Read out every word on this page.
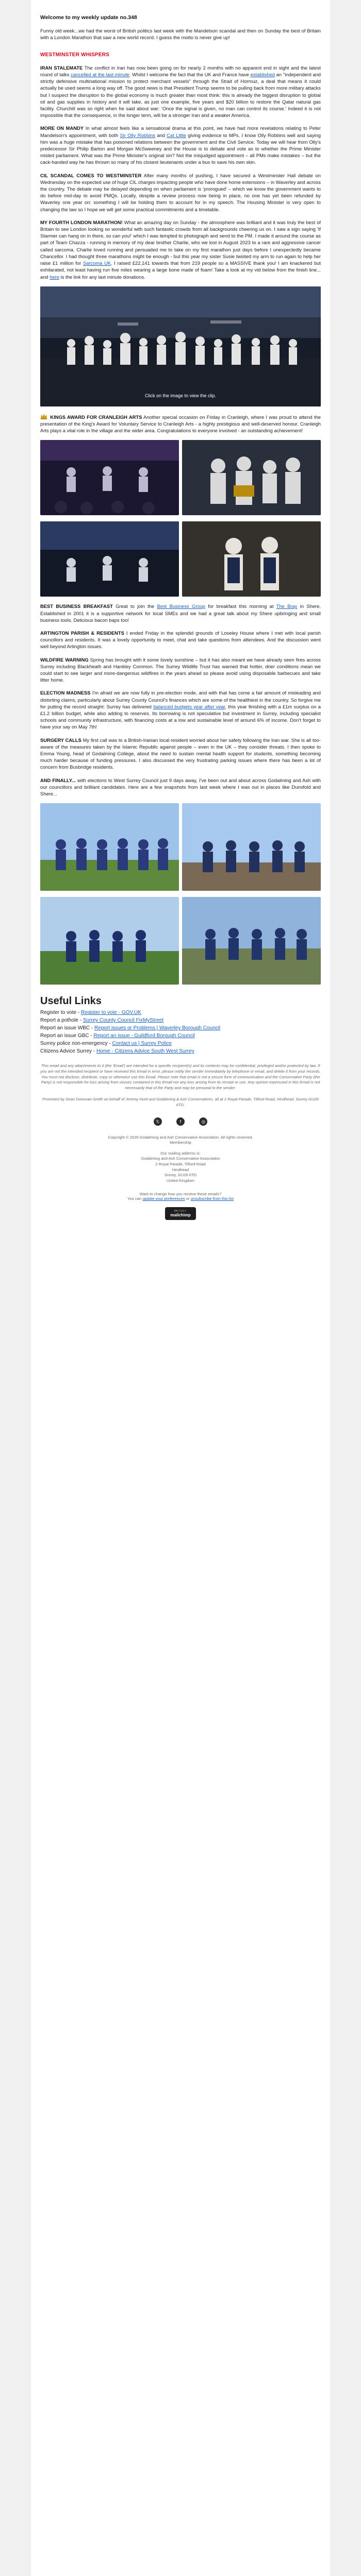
Welcome to my weekly update no.348

Funny old week...we had the worst of British politics last week with the Mandelson scandal and then on Sunday the best of Britain with a London Marathon that saw a new world record. I guess the motto is never give up!

WESTMINSTER WHISPERS

IRAN STALEMATE The conflict in Iran has now been going on for nearly 2 months with no apparent end in sight and the latest round of talks cancelled at the last minute. Whilst I welcome the fact that the UK and France have established an "independent and strictly defensive multinational mission to protect merchant vessels" through the Strait of Hormuz, a deal that means it could actually be used seems a long way off. The good news is that President Trump seems to be pulling back from more military attacks but I suspect the disruption to the global economy is much greater than most think: this is already the biggest disruption to global oil and gas supplies in history and it will take, as just one example, five years and $20 billion to restore the Qatar natural gas facility. Churchill was so right when he said about war: 'Once the signal is given, no man can control its course.' Indeed it is not impossible that the consequence, in the longer term, will be a stronger Iran and a weaker America.

MORE ON MANDY In what almost feels like a sensational drama at this point, we have had more revelations relating to Peter Mandelson's appointment, with both Sir Olly Robbins and Cat Little giving evidence to MPs. I know Olly Robbins well and saying him was a huge mistake that has poisoned relations between the government and the Civil Service. Today we will hear from Olly's predecessor Sir Philip Barton and Morgan McSweeney and the House is to debate and vote as to whether the Prime Minister misled parliament. What was the Prime Minister's original sin? Not the misjudged appointment – all PMs make mistakes – but the cack-handed way he has thrown so many of his closest lieutenants under a bus to save his own skin.

CIL SCANDAL COMES TO WESTMINSTER After many months of pushing, I have secured a Westminster Hall debate on Wednesday on the expected use of huge CIL charges impacting people who have done home extensions – in Waverley and across the country. The debate may be delayed depending on when parliament is 'prorogued' – which we know the government wants to do before mid-day to avoid PMQs. Locally, despite a review process now being in place, no one has yet been refunded by Waverley one year on: something I will be holding them to account for in my speech. The Housing Minister is very open to changing the law so I hope we will get some practical commitments and a timetable.

MY FOURTH LONDON MARATHON! What an amazing day on Sunday - the atmosphere was brilliant and it was truly the best of Britain to see London looking so wonderful with such fantastic crowds from all backgrounds cheering us on. I saw a sign saying 'If Starmer can hang on in there, so can you!' which I was tempted to photograph and send to the PM. I made it around the course as part of Team Chazza - running in memory of my dear brother Charlie, who we lost in August 2023 to a rare and aggressive cancer called sarcoma. Charlie loved running and persuaded me to take on my first marathon just days before I unexpectedly became Chancellor. I had thought three marathons might be enough - but this year my sister Susie twisted my arm to run again to help her raise £1 million for Sarcoma UK. I raised £22,141 towards that from 219 people so a MASSIVE thank you! I am knackered but exhilarated, not least having run five miles wearing a large bone made of foam! Take a look at my vid below from the finish line... and here is the link for any last minute donations.

Click on the image to view the clip.

KINGS AWARD FOR CRANLEIGH ARTS Another special occasion on Friday in Cranleigh, where I was proud to attend the presentation of the King's Award for Voluntary Service to Cranleigh Arts - a highly prestigious and well-deserved honour. Cranleigh Arts plays a vital role in the village and the wider area. Congratulations to everyone involved - an outstanding achievement!

BEST BUSINESS BREAKFAST Great to join the Best Business Group for breakfast this morning at The Bray in Shere. Established in 2001 it is a supportive network for local SMEs and we had a great talk about my Shere upbringing and small business tools. Delicious bacon baps too!

ARTINGTON PARISH & RESIDENTS I ended Friday in the splendid grounds of Loseley House where I met with local parish councillors and residents. It was a lovely opportunity to meet, chat and take questions from attendees. And the discussion went well beyond Artington issues.

WILDFIRE WARNING Spring has brought with it some lovely sunshine – but it has also meant we have already seen fires across Surrey including Blackheath and Hankley Common. The Surrey Wildlife Trust has warned that hotter, drier conditions mean we could start to see larger and more-dangerous wildfires in the years ahead so please avoid using disposable barbecues and take litter home.

ELECTION MADNESS I'm afraid we are now fully in pre-election mode, and with that has come a fair amount of misleading and distorting claims, particularly about Surrey County Council's finances which are some of the healthiest in the country. So forgive me for putting the record straight: Surrey has delivered balanced budgets year after year, this year finishing with a £1m surplus on a £1.2 billion budget, while also adding to reserves. Its borrowing is not speculative but investment in Surrey, including specialist schools and community infrastructure, with financing costs at a low and sustainable level of around 6% of income. Don't forget to have your say on May 7th!

SURGERY CALLS My first call was to a British-Iranian local resident worried about her safety following the Iran war. She is all too-aware of the measures taken by the Islamic Republic against people – even in the UK – they consider threats. I then spoke to Emma Young, head of Godalming College, about the need to sustain mental health support for students, something becoming much harder because of funding pressures. I also discussed the very frustrating parking issues where there has been a lot of concern from Busbridge residents.

AND FINALLY... with elections to West Surrey Council just 9 days away, I've been out and about across Godalming and Ash with our councillors and brilliant candidates. Here are a few snapshots from last week where I was out in places like Dunsfold and Shere...

Useful Links
Register to vote - Register to vote - GOV.UK
Report a pothole - Surrey County Council FixMyStreet
Report an issue WBC - Report issues or Problems | Waverley Borough Council
Report an issue GBC - Report an issue - Guildford Borough Council
Surrey police non-emergency - Contact us | Surrey Police
Citizens Advice Surrey - Home - Citizens Advice South West Surrey
This email and any attachments to it (the 'Email') are intended for a specific recipient(s) and its contents may be confidential, privileged and/or protected by law. If you are not the intended recipient or have received this Email in error, please notify the sender immediately by telephone or email, and delete it from your records. You must not disclose, distribute, copy or otherwise use this Email. Please note that email is not a secure form of communication and the Conservative Party (the Party) is not responsible for loss arising from viruses contained in this Email nor any loss arising from its receipt or use. Any opinion expressed in this Email is not necessarily that of the Party and may be personal to the sender.
Promoted by Sean Donovan-Smith on behalf of Jeremy Hunt and Godalming & Ash Conservatives, all at 2 Royal Parade, Tilford Road, Hindhead, Surrey GU26 6TD.
𝕏	f	◎
Copyright © 2026 Godalming and Ash Conservative Association. All rights reserved.
Membership
Our mailing address is:
Godalming and Ash Conservative Association
2 Royal Parade, Tilford Road
Hindhead
Surrey, GU26 6TD
United Kingdom
Want to change how you receive these emails?
You can update your preferences or unsubscribe from this list
INTUIT
mailchimp
